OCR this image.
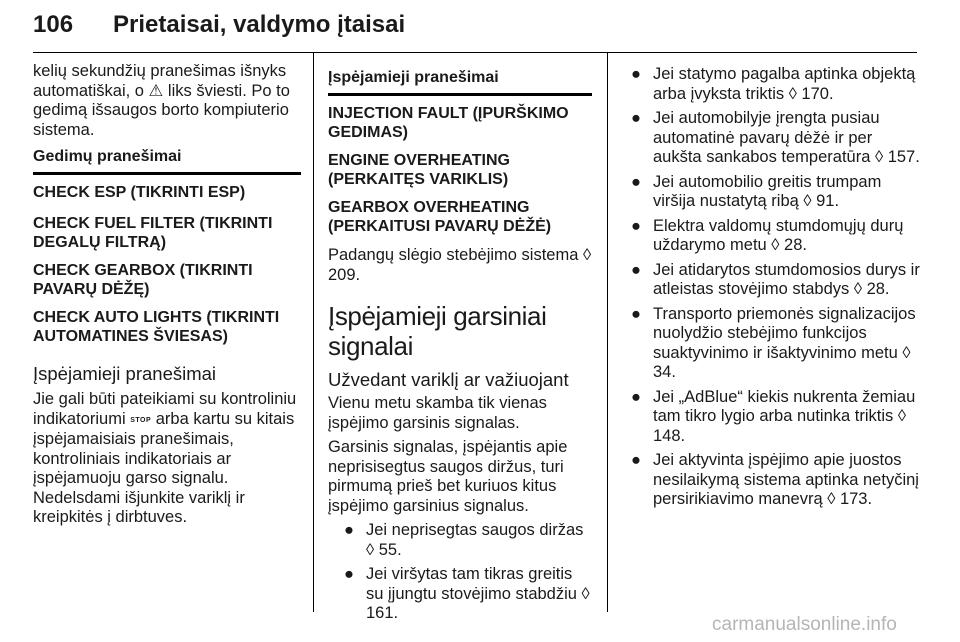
106 Prietaisai, valdymo įtaisai

kelių sekundžių pranešimas išnyks automatiškai, o ⚠ liks šviesti. Po to gedimą išsaugos borto kompiuterio sistema.

Gedimų pranešimai

CHECK ESP (TIKRINTI ESP)

CHECK FUEL FILTER (TIKRINTI DEGALŲ FILTRĄ)

CHECK GEARBOX (TIKRINTI PAVARŲ DĖŽĘ)

CHECK AUTO LIGHTS (TIKRINTI AUTOMATINES ŠVIESAS)

Įspėjamieji pranešimai

Jie gali būti pateikiami su kontroliniu indikatoriumi STOP arba kartu su kitais įspėjamaisiais pranešimais, kontroliniais indikatoriais ar įspėjamuoju garso signalu. Nedelsdami išjunkite variklį ir kreipkitės į dirbtuves.

Įspėjamieji pranešimai

INJECTION FAULT (ĮPURŠKIMO GEDIMAS)

ENGINE OVERHEATING (PERKAITĘS VARIKLIS)

GEARBOX OVERHEATING (PERKAITUSI PAVARŲ DĖŽĖ)

Padangų slėgio stebėjimo sistema ◊ 209.

Įspėjamieji garsiniai signalai

Užvedant variklį ar važiuojant

Vienu metu skamba tik vienas įspėjimo garsinis signalas.

Garsinis signalas, įspėjantis apie neprisisegtus saugos diržus, turi pirmumą prieš bet kuriuos kitus įspėjimo garsinius signalus.

● Jei neprisegtas saugos diržas ◊ 55.
● Jei viršytas tam tikras greitis su įjungtu stovėjimo stabdžiu ◊ 161.
● Jei statymo pagalba aptinka objektą arba įvyksta triktis ◊ 170.
● Jei automobilyje įrengta pusiau automatinė pavarų dėžė ir per aukšta sankabos temperatūra ◊ 157.
● Jei automobilio greitis trumpam viršija nustatytą ribą ◊ 91.
● Elektra valdomų stumdomųjų durų uždarymo metu ◊ 28.
● Jei atidarytos stumdomosios durys ir atleistas stovėjimo stabdys ◊ 28.
● Transporto priemonės signalizacijos nuolydžio stebėjimo funkcijos suaktyvinimo ir išaktyvinimo metu ◊ 34.
● Jei „AdBlue“ kiekis nukrenta žemiau tam tikro lygio arba nutinka triktis ◊ 148.
● Jei aktyvinta įspėjimo apie juostos nesilaikymą sistema aptinka netyčinį persirikiavimo manevrą ◊ 173.
carmanualsonline.info
